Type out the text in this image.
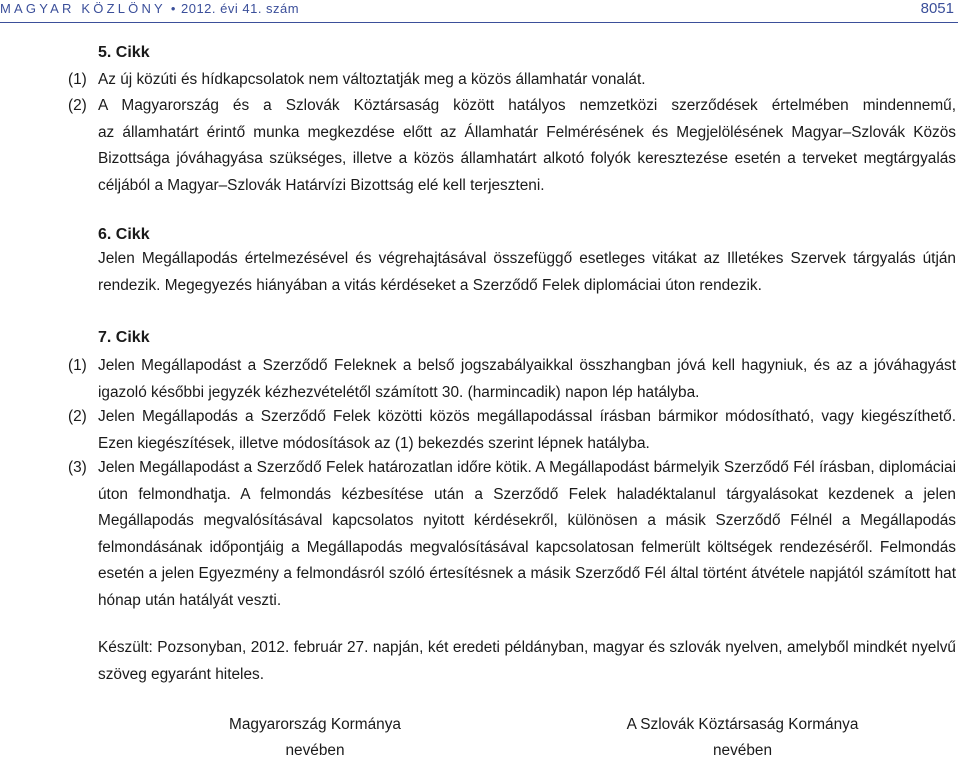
MAGYAR KÖZLÖNY • 2012. évi 41. szám	8051
5. Cikk
(1) Az új közúti és hídkapcsolatok nem változtatják meg a közös államhatár vonalát.
(2) A Magyarország és a Szlovák Köztársaság között hatályos nemzetközi szerződések értelmében mindennemű,
az államhatárt érintő munka megkezdése előtt az Államhatár Felmérésének és Megjelölésének Magyar–Szlovák Közös Bizottsága jóváhagyása szükséges, illetve a közös államhatárt alkotó folyók keresztezése esetén a terveket megtárgyalás céljából a Magyar–Szlovák Határvízi Bizottság elé kell terjeszteni.
6. Cikk
Jelen Megállapodás értelmezésével és végrehajtásával összefüggő esetleges vitákat az Illetékes Szervek tárgyalás útján rendezik. Megegyezés hiányában a vitás kérdéseket a Szerződő Felek diplomáciai úton rendezik.
7. Cikk
(1) Jelen Megállapodást a Szerződő Feleknek a belső jogszabályaikkal összhangban jóvá kell hagyniuk, és az a jóváhagyást igazoló későbbi jegyzék kézhezvételétől számított 30. (harmincadik) napon lép hatályba.
(2) Jelen Megállapodás a Szerződő Felek közötti közös megállapodással írásban bármikor módosítható, vagy kiegészíthető. Ezen kiegészítések, illetve módosítások az (1) bekezdés szerint lépnek hatályba.
(3) Jelen Megállapodást a Szerződő Felek határozatlan időre kötik. A Megállapodást bármelyik Szerződő Fél írásban, diplomáciai úton felmondhatja. A felmondás kézbesítése után a Szerződő Felek haladéktalanul tárgyalásokat kezdenek a jelen Megállapodás megvalósításával kapcsolatos nyitott kérdésekről, különösen a másik Szerződő Félnél a Megállapodás felmondásának időpontjáig a Megállapodás megvalósításával kapcsolatosan felmerült költségek rendezéséről. Felmondás esetén a jelen Egyezmény a felmondásról szóló értesítésnek a másik Szerződő Fél által történt átvétele napjától számított hat hónap után hatályát veszti.
Készült: Pozsonyban, 2012. február 27. napján, két eredeti példányban, magyar és szlovák nyelven, amelyből mindkét nyelvű szöveg egyaránt hiteles.
Magyarország Kormánya
nevében
A Szlovák Köztársaság Kormánya
nevében
